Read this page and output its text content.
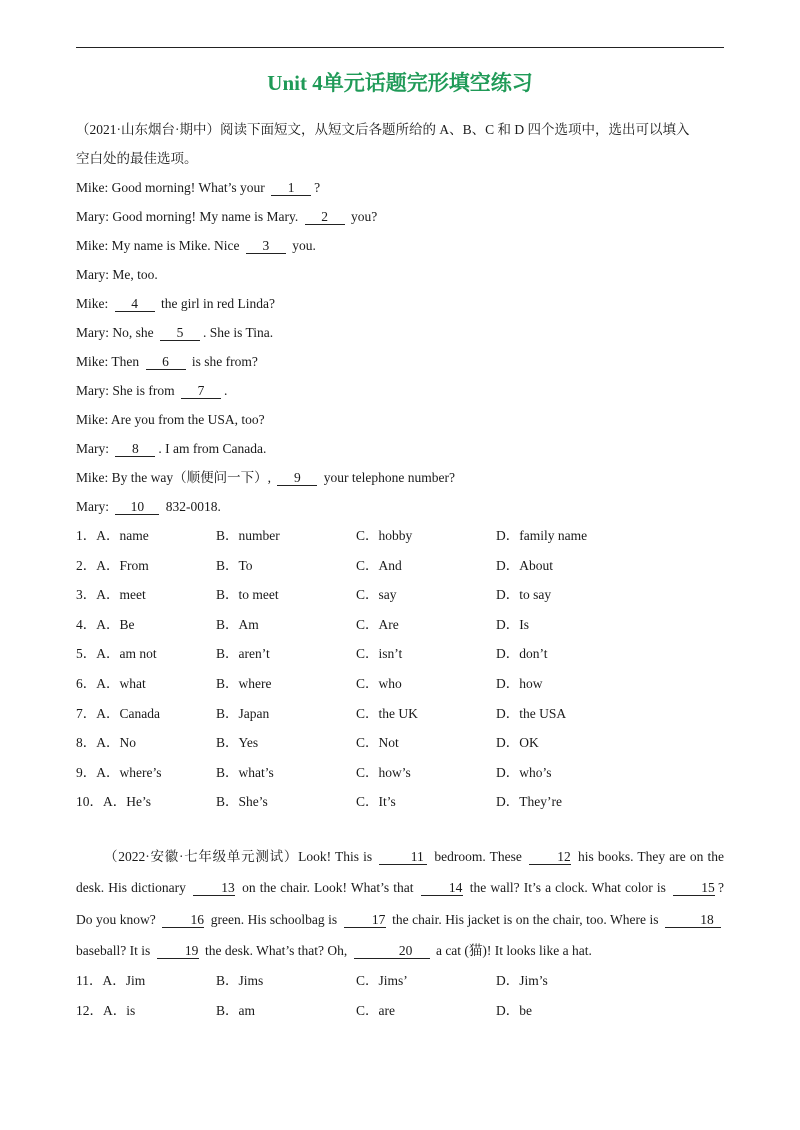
Unit 4单元话题完形填空练习

（2021·山东烟台·期中）阅读下面短文，从短文后各题所给的 A、B、C 和 D 四个选项中，选出可以填入

空白处的最佳选项。

Mike: Good morning! What’s your 1 ?

Mary: Good morning! My name is Mary. 2 you?

Mike: My name is Mike. Nice 3 you.

Mary: Me, too.

Mike: 4 the girl in red Linda?

Mary: No, she 5 . She is Tina.

Mike: Then 6 is she from?

Mary: She is from 7 .

Mike: Are you from the USA, too?

Mary: 8 . I am from Canada.

Mike: By the way（顺便问一下）, 9 your telephone number?

Mary: 10 832-0018.

1．A．name	B．number	C．hobby	D．family name
2．A．From	B．To	C．And	D．About
3．A．meet	B．to meet	C．say	D．to say
4．A．Be	B．Am	C．Are	D．Is
5．A．am not	B．aren’t	C．isn’t	D．don’t
6．A．what	B．where	C．who	D．how
7．A．Canada	B．Japan	C．the UK	D．the USA
8．A．No	B．Yes	C．Not	D．OK
9．A．where’s	B．what’s	C．how’s	D．who’s
10．A．He’s	B．She’s	C．It’s	D．They’re

（2022·安徽·七年级单元测试）Look! This is	11 bedroom. These 12 his books. They are on the desk. His dictionary 13 on the chair. Look! What’s that 14 the wall? It’s a clock. What color is 15 ? Do you know? 16 green. His schoolbag is 17 the chair. His jacket is on the chair, too. Where is	18baseball? It is 19 the desk. What’s that? Oh,	20 a cat (猫)! It looks like a hat.

11．A．Jim	B．Jims	C．Jims’	D．Jim’s
12．A．is	B．am	C．are	D．be
